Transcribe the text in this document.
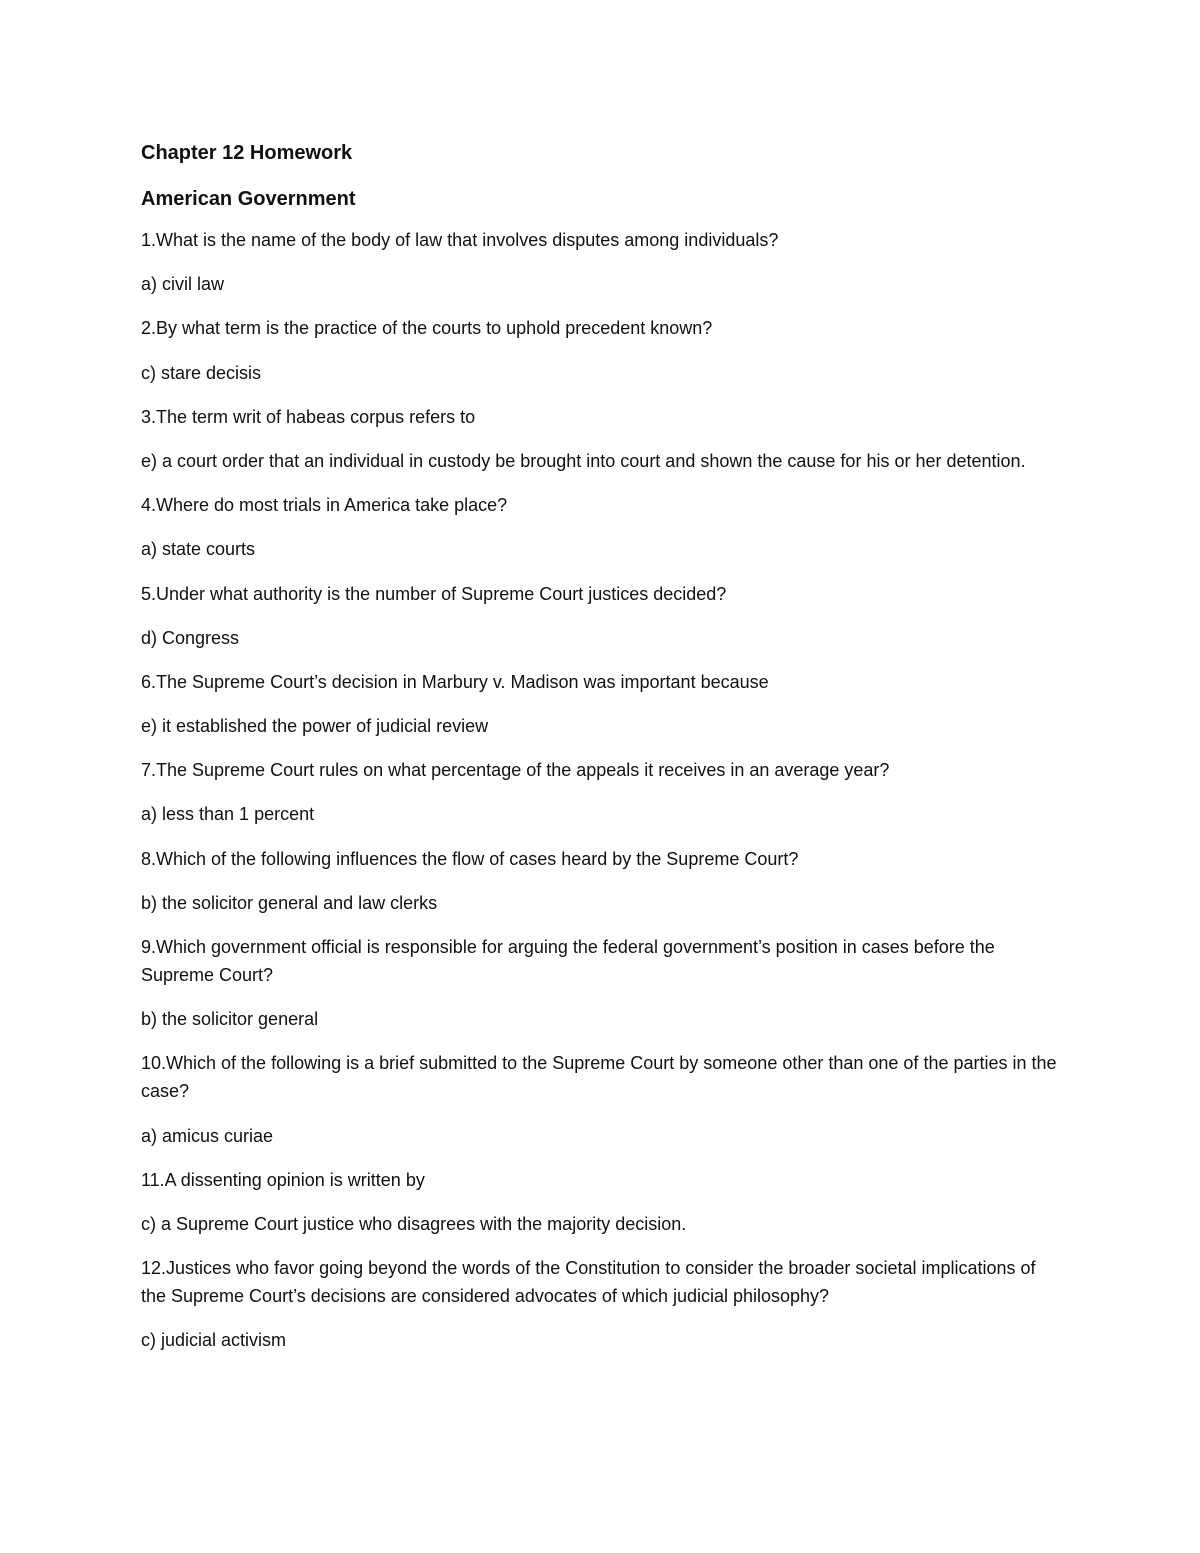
Chapter 12 Homework
American Government
1.What is the name of the body of law that involves disputes among individuals?
a) civil law
2.By what term is the practice of the courts to uphold precedent known?
c) stare decisis
3.The term writ of habeas corpus refers to
e) a court order that an individual in custody be brought into court and shown the cause for his or her detention.
4.Where do most trials in America take place?
a) state courts
5.Under what authority is the number of Supreme Court justices decided?
d) Congress
6.The Supreme Court’s decision in Marbury v. Madison was important because
e) it established the power of judicial review
7.The Supreme Court rules on what percentage of the appeals it receives in an average year?
a) less than 1 percent
8.Which of the following influences the flow of cases heard by the Supreme Court?
b) the solicitor general and law clerks
9.Which government official is responsible for arguing the federal government’s position in cases before the Supreme Court?
b) the solicitor general
10.Which of the following is a brief submitted to the Supreme Court by someone other than one of the parties in the case?
a) amicus curiae
11.A dissenting opinion is written by
c) a Supreme Court justice who disagrees with the majority decision.
12.Justices who favor going beyond the words of the Constitution to consider the broader societal implications of the Supreme Court’s decisions are considered advocates of which judicial philosophy?
c) judicial activism
